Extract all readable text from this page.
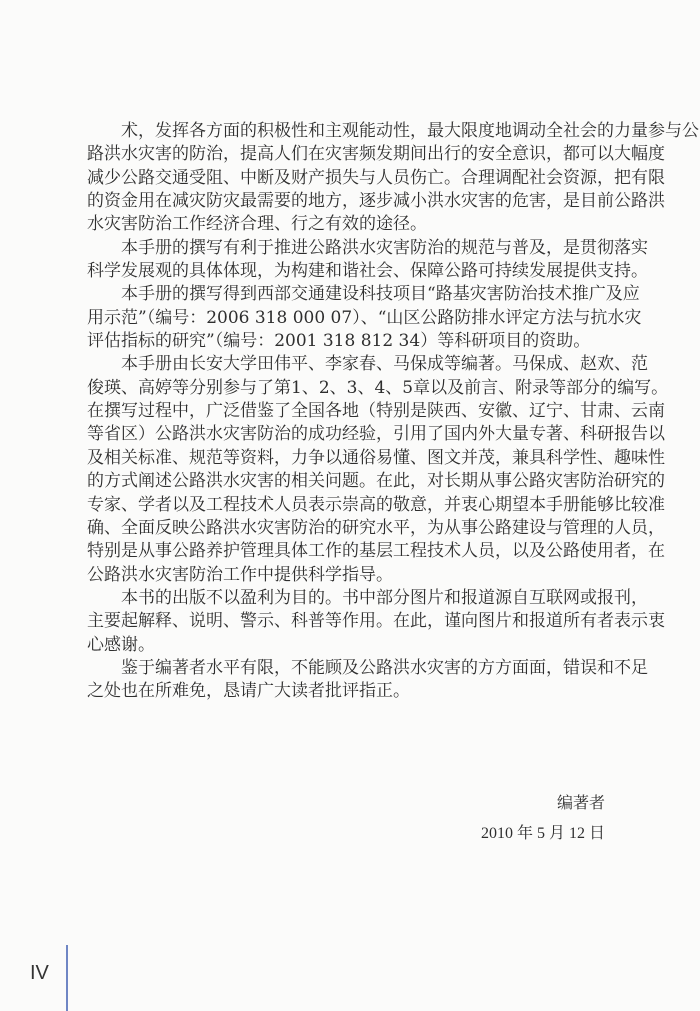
术，发挥各方面的积极性和主观能动性，最大限度地调动全社会的力量参与公
路洪水灾害的防治，提高人们在灾害频发期间出行的安全意识，都可以大幅度
减少公路交通受阻、中断及财产损失与人员伤亡。合理调配社会资源，把有限
的资金用在减灾防灾最需要的地方，逐步减小洪水灾害的危害，是目前公路洪
水灾害防治工作经济合理、行之有效的途径。
本手册的撰写有利于推进公路洪水灾害防治的规范与普及，是贯彻落实
科学发展观的具体体现，为构建和谐社会、保障公路可持续发展提供支持。
本手册的撰写得到西部交通建设科技项目“路基灾害防治技术推广及应
用示范”（编号：2006 318 000 07）、“山区公路防排水评定方法与抗水灾
评估指标的研究”（编号：2001 318 812 34）等科研项目的资助。
本手册由长安大学田伟平、李家春、马保成等编著。马保成、赵欢、范
俊瑛、高婷等分别参与了第1、2、3、4、5章以及前言、附录等部分的编写。
在撰写过程中，广泛借鉴了全国各地（特别是陕西、安徽、辽宁、甘肃、云南
等省区）公路洪水灾害防治的成功经验，引用了国内外大量专著、科研报告以
及相关标准、规范等资料，力争以通俗易懂、图文并茂，兼具科学性、趣味性
的方式阐述公路洪水灾害的相关问题。在此，对长期从事公路灾害防治研究的
专家、学者以及工程技术人员表示崇高的敬意，并衷心期望本手册能够比较准
确、全面反映公路洪水灾害防治的研究水平，为从事公路建设与管理的人员，
特别是从事公路养护管理具体工作的基层工程技术人员，以及公路使用者，在
公路洪水灾害防治工作中提供科学指导。
本书的出版不以盈利为目的。书中部分图片和报道源自互联网或报刊，
主要起解释、说明、警示、科普等作用。在此，谨向图片和报道所有者表示衷
心感谢。
鉴于编著者水平有限，不能顾及公路洪水灾害的方方面面，错误和不足
之处也在所难免，恳请广大读者批评指正。
编著者
2010 年 5 月 12 日
IV
